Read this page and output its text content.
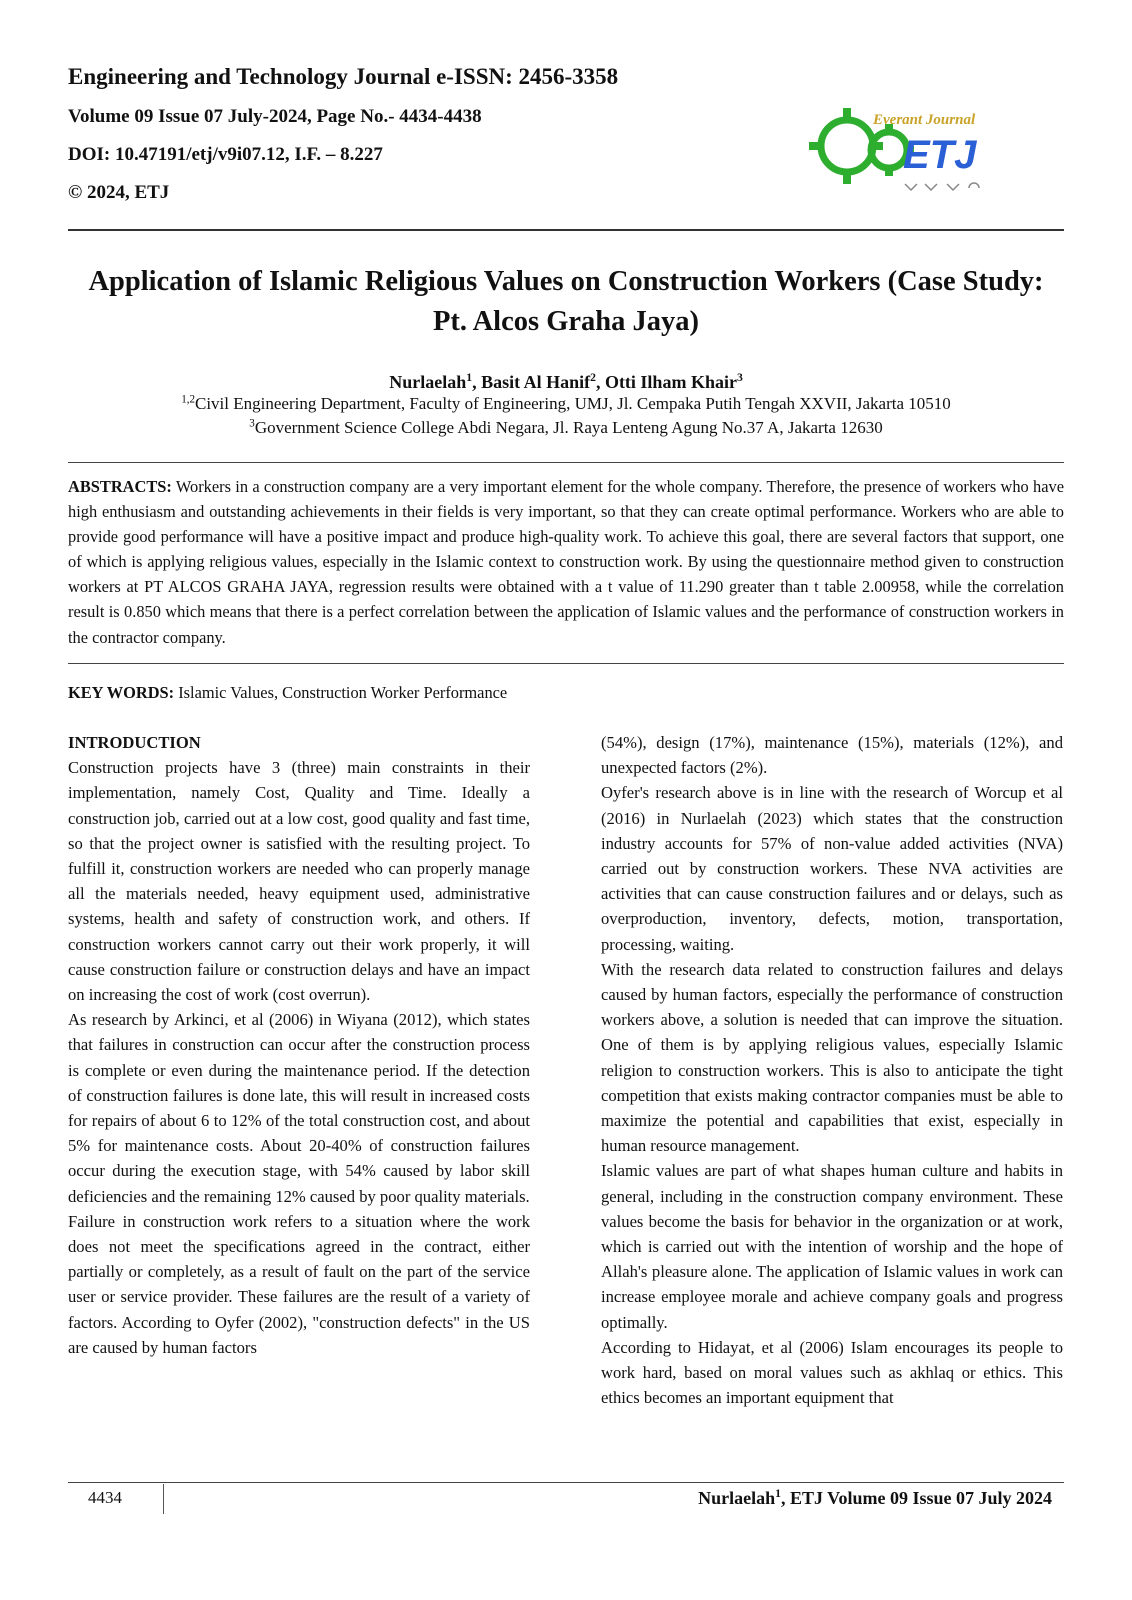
Engineering and Technology Journal e-ISSN: 2456-3358

Volume 09 Issue 07 July-2024, Page No.- 4434-4438

DOI: 10.47191/etj/v9i07.12, I.F. – 8.227

© 2024, ETJ

Everant Journal
ETJ
Application of Islamic Religious Values on Construction Workers (Case Study: Pt. Alcos Graha Jaya)
Nurlaelah$^1$, Basit Al Hanif$^2$, Otti Ilham Khair$^3$
$^{1,2}$Civil Engineering Department, Faculty of Engineering, UMJ, Jl. Cempaka Putih Tengah XXVII, Jakarta 10510
$^3$Government Science College Abdi Negara, Jl. Raya Lenteng Agung No.37 A, Jakarta 12630

ABSTRACTS: Workers in a construction company are a very important element for the whole company. Therefore, the presence of workers who have high enthusiasm and outstanding achievements in their fields is very important, so that they can create optimal performance. Workers who are able to provide good performance will have a positive impact and produce high-quality work. To achieve this goal, there are several factors that support, one of which is applying religious values, especially in the Islamic context to construction work. By using the questionnaire method given to construction workers at PT ALCOS GRAHA JAYA, regression results were obtained with a t value of 11.290 greater than t table 2.00958, while the correlation result is 0.850 which means that there is a perfect correlation between the application of Islamic values and the performance of construction workers in the contractor company.

KEY WORDS: Islamic Values, Construction Worker Performance

INTRODUCTION

Construction projects have 3 (three) main constraints in their implementation, namely Cost, Quality and Time. Ideally a construction job, carried out at a low cost, good quality and fast time, so that the project owner is satisfied with the resulting project. To fulfill it, construction workers are needed who can properly manage all the materials needed, heavy equipment used, administrative systems, health and safety of construction work, and others. If construction workers cannot carry out their work properly, it will cause construction failure or construction delays and have an impact on increasing the cost of work (cost overrun).

As research by Arkinci, et al (2006) in Wiyana (2012), which states that failures in construction can occur after the construction process is complete or even during the maintenance period. If the detection of construction failures is done late, this will result in increased costs for repairs of about 6 to 12% of the total construction cost, and about 5% for maintenance costs. About 20-40% of construction failures occur during the execution stage, with 54% caused by labor skill deficiencies and the remaining 12% caused by poor quality materials.

Failure in construction work refers to a situation where the work does not meet the specifications agreed in the contract, either partially or completely, as a result of fault on the part of the service user or service provider. These failures are the result of a variety of factors. According to Oyfer (2002), "construction defects" in the US are caused by human factors

(54%), design (17%), maintenance (15%), materials (12%), and unexpected factors (2%).

Oyfer's research above is in line with the research of Worcup et al (2016) in Nurlaelah (2023) which states that the construction industry accounts for 57% of non-value added activities (NVA) carried out by construction workers. These NVA activities are activities that can cause construction failures and or delays, such as overproduction, inventory, defects, motion, transportation, processing, waiting.

With the research data related to construction failures and delays caused by human factors, especially the performance of construction workers above, a solution is needed that can improve the situation. One of them is by applying religious values, especially Islamic religion to construction workers. This is also to anticipate the tight competition that exists making contractor companies must be able to maximize the potential and capabilities that exist, especially in human resource management.

Islamic values are part of what shapes human culture and habits in general, including in the construction company environment. These values become the basis for behavior in the organization or at work, which is carried out with the intention of worship and the hope of Allah's pleasure alone. The application of Islamic values in work can increase employee morale and achieve company goals and progress optimally.

According to Hidayat, et al (2006) Islam encourages its people to work hard, based on moral values such as akhlaq or ethics. This ethics becomes an important equipment that

4434	Nurlaelah$^1$, ETJ Volume 09 Issue 07 July 2024
